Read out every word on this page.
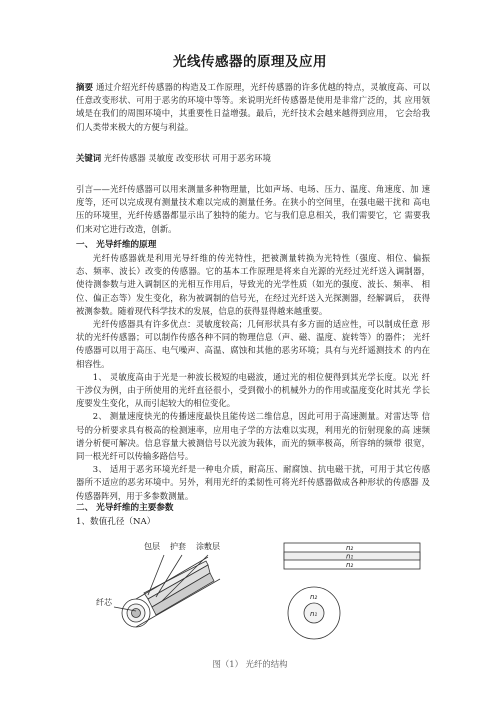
光线传感器的原理及应用

摘要 通过介绍光纤传感器的构造及工作原理，光纤传感器的许多优越的特点，灵敏度高、可以任意改变形状、可用于恶劣的环境中等等。来说明光纤传感器是使用是非常广泛的，其 应用领域是在我们的周围环境中，其重要性日益增强。最后，光纤技术会越来越得到应用， 它会给我们人类带来极大的方便与利益。

关键词 光纤传感器 灵敏度 改变形状 可用于恶劣环境

引言——光纤传感器可以用来测量多种物理量，比如声场、电场、压力、温度、角速度、加 速度等，还可以完成现有测量技术难以完成的测量任务。在狭小的空间里，在强电磁干扰和 高电压的环境里，光纤传感器都显示出了独特的能力。它与我们息息相关，我们需要它，它 需要我们来对它进行改造，创新。

一、 光导纤维的原理

光纤传感器就是利用光导纤维的传光特性，把被测量转换为光特性（强度、相位、偏振 态、频率、波长）改变的传感器。它的基本工作原理是将来自光源的光经过光纤送入调制器， 使待测参数与进入调制区的光相互作用后，导致光的光学性质（如光的强度、波长、频率、 相位、偏正态等）发生变化，称为被调制的信号光，在经过光纤送入光探测器，经解调后， 获得被测参数。随着现代科学技术的发展，信息的获得显得越来越重要。

光纤传感器具有许多优点：灵敏度较高；几何形状具有多方面的适应性，可以制成任意 形状的光纤传感器；可以制作传感各种不同的物理信息（声、磁、温度、旋转等）的器件； 光纤传感器可以用于高压、电气噪声、高温、腐蚀和其他的恶劣环境；具有与光纤遥测技术 的内在相容性。

1、 灵敏度高由于光是一种波长极短的电磁波，通过光的相位便得到其光学长度。以光 纤干涉仪为例，由于所使用的光纤直径很小，受到微小的机械外力的作用或温度变化时其光 学长度要发生变化，从而引起较大的相位变化。

2、 测量速度快光的传播速度最快且能传送二维信息，因此可用于高速测量。对雷达等 信号的分析要求具有极高的检测速率，应用电子学的方法难以实现，利用光的衍射现象的高 速频谱分析便可解决。信息容量大被测信号以光波为载体，而光的频率极高，所容纳的频带 很宽，同一根光纤可以传输多路信号。

3、 适用于恶劣环境光纤是一种电介质，耐高压、耐腐蚀、抗电磁干扰，可用于其它传感 器所不适应的恶劣环境中。另外，利用光纤的柔韧性可将光纤传感器做成各种形状的传感器 及传感器阵列，用于多参数测量。

二、 光导纤维的主要参数
1、数值孔径（NA）
包层 护套 涂敷层
纤芯
n₂
n₁
n₂
n₂
n₁
图（1） 光纤的结构
